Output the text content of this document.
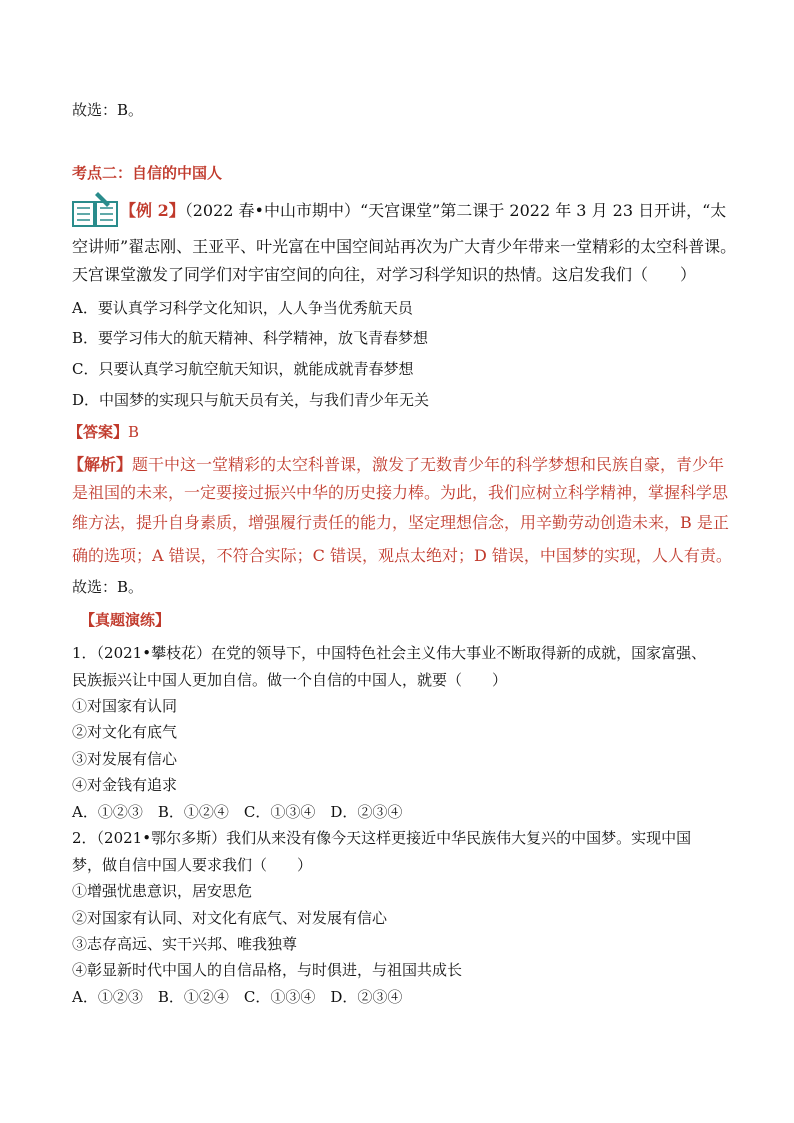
故选：B。
考点二：自信的中国人
【例 2】（2022 春•中山市期中）“天宫课堂”第二课于 2022 年 3 月 23 日开讲，“太
空讲师”翟志刚、王亚平、叶光富在中国空间站再次为广大青少年带来一堂精彩的太空科普课。
天宫课堂激发了同学们对宇宙空间的向往，对学习科学知识的热情。这启发我们（　　）
A．要认真学习科学文化知识，人人争当优秀航天员
B．要学习伟大的航天精神、科学精神，放飞青春梦想
C．只要认真学习航空航天知识，就能成就青春梦想
D．中国梦的实现只与航天员有关，与我们青少年无关
【答案】B
【解析】题干中这一堂精彩的太空科普课，激发了无数青少年的科学梦想和民族自豪，青少年
是祖国的未来，一定要接过振兴中华的历史接力棒。为此，我们应树立科学精神，掌握科学思
维方法，提升自身素质，增强履行责任的能力，坚定理想信念，用辛勤劳动创造未来，B 是正
确的选项；A 错误，不符合实际；C 错误，观点太绝对；D 错误，中国梦的实现，人人有责。
故选：B。
【真题演练】
1．（2021•攀枝花）在党的领导下，中国特色社会主义伟大事业不断取得新的成就，国家富强、
民族振兴让中国人更加自信。做一个自信的中国人，就要（　　）
①对国家有认同
②对文化有底气
③对发展有信心
④对金钱有追求
A．①②③　B．①②④　C．①③④　D．②③④
2．（2021•鄂尔多斯）我们从来没有像今天这样更接近中华民族伟大复兴的中国梦。实现中国
梦，做自信中国人要求我们（　　）
①增强忧患意识，居安思危
②对国家有认同、对文化有底气、对发展有信心
③志存高远、实干兴邦、唯我独尊
④彰显新时代中国人的自信品格，与时俱进，与祖国共成长
A．①②③　B．①②④　C．①③④　D．②③④
